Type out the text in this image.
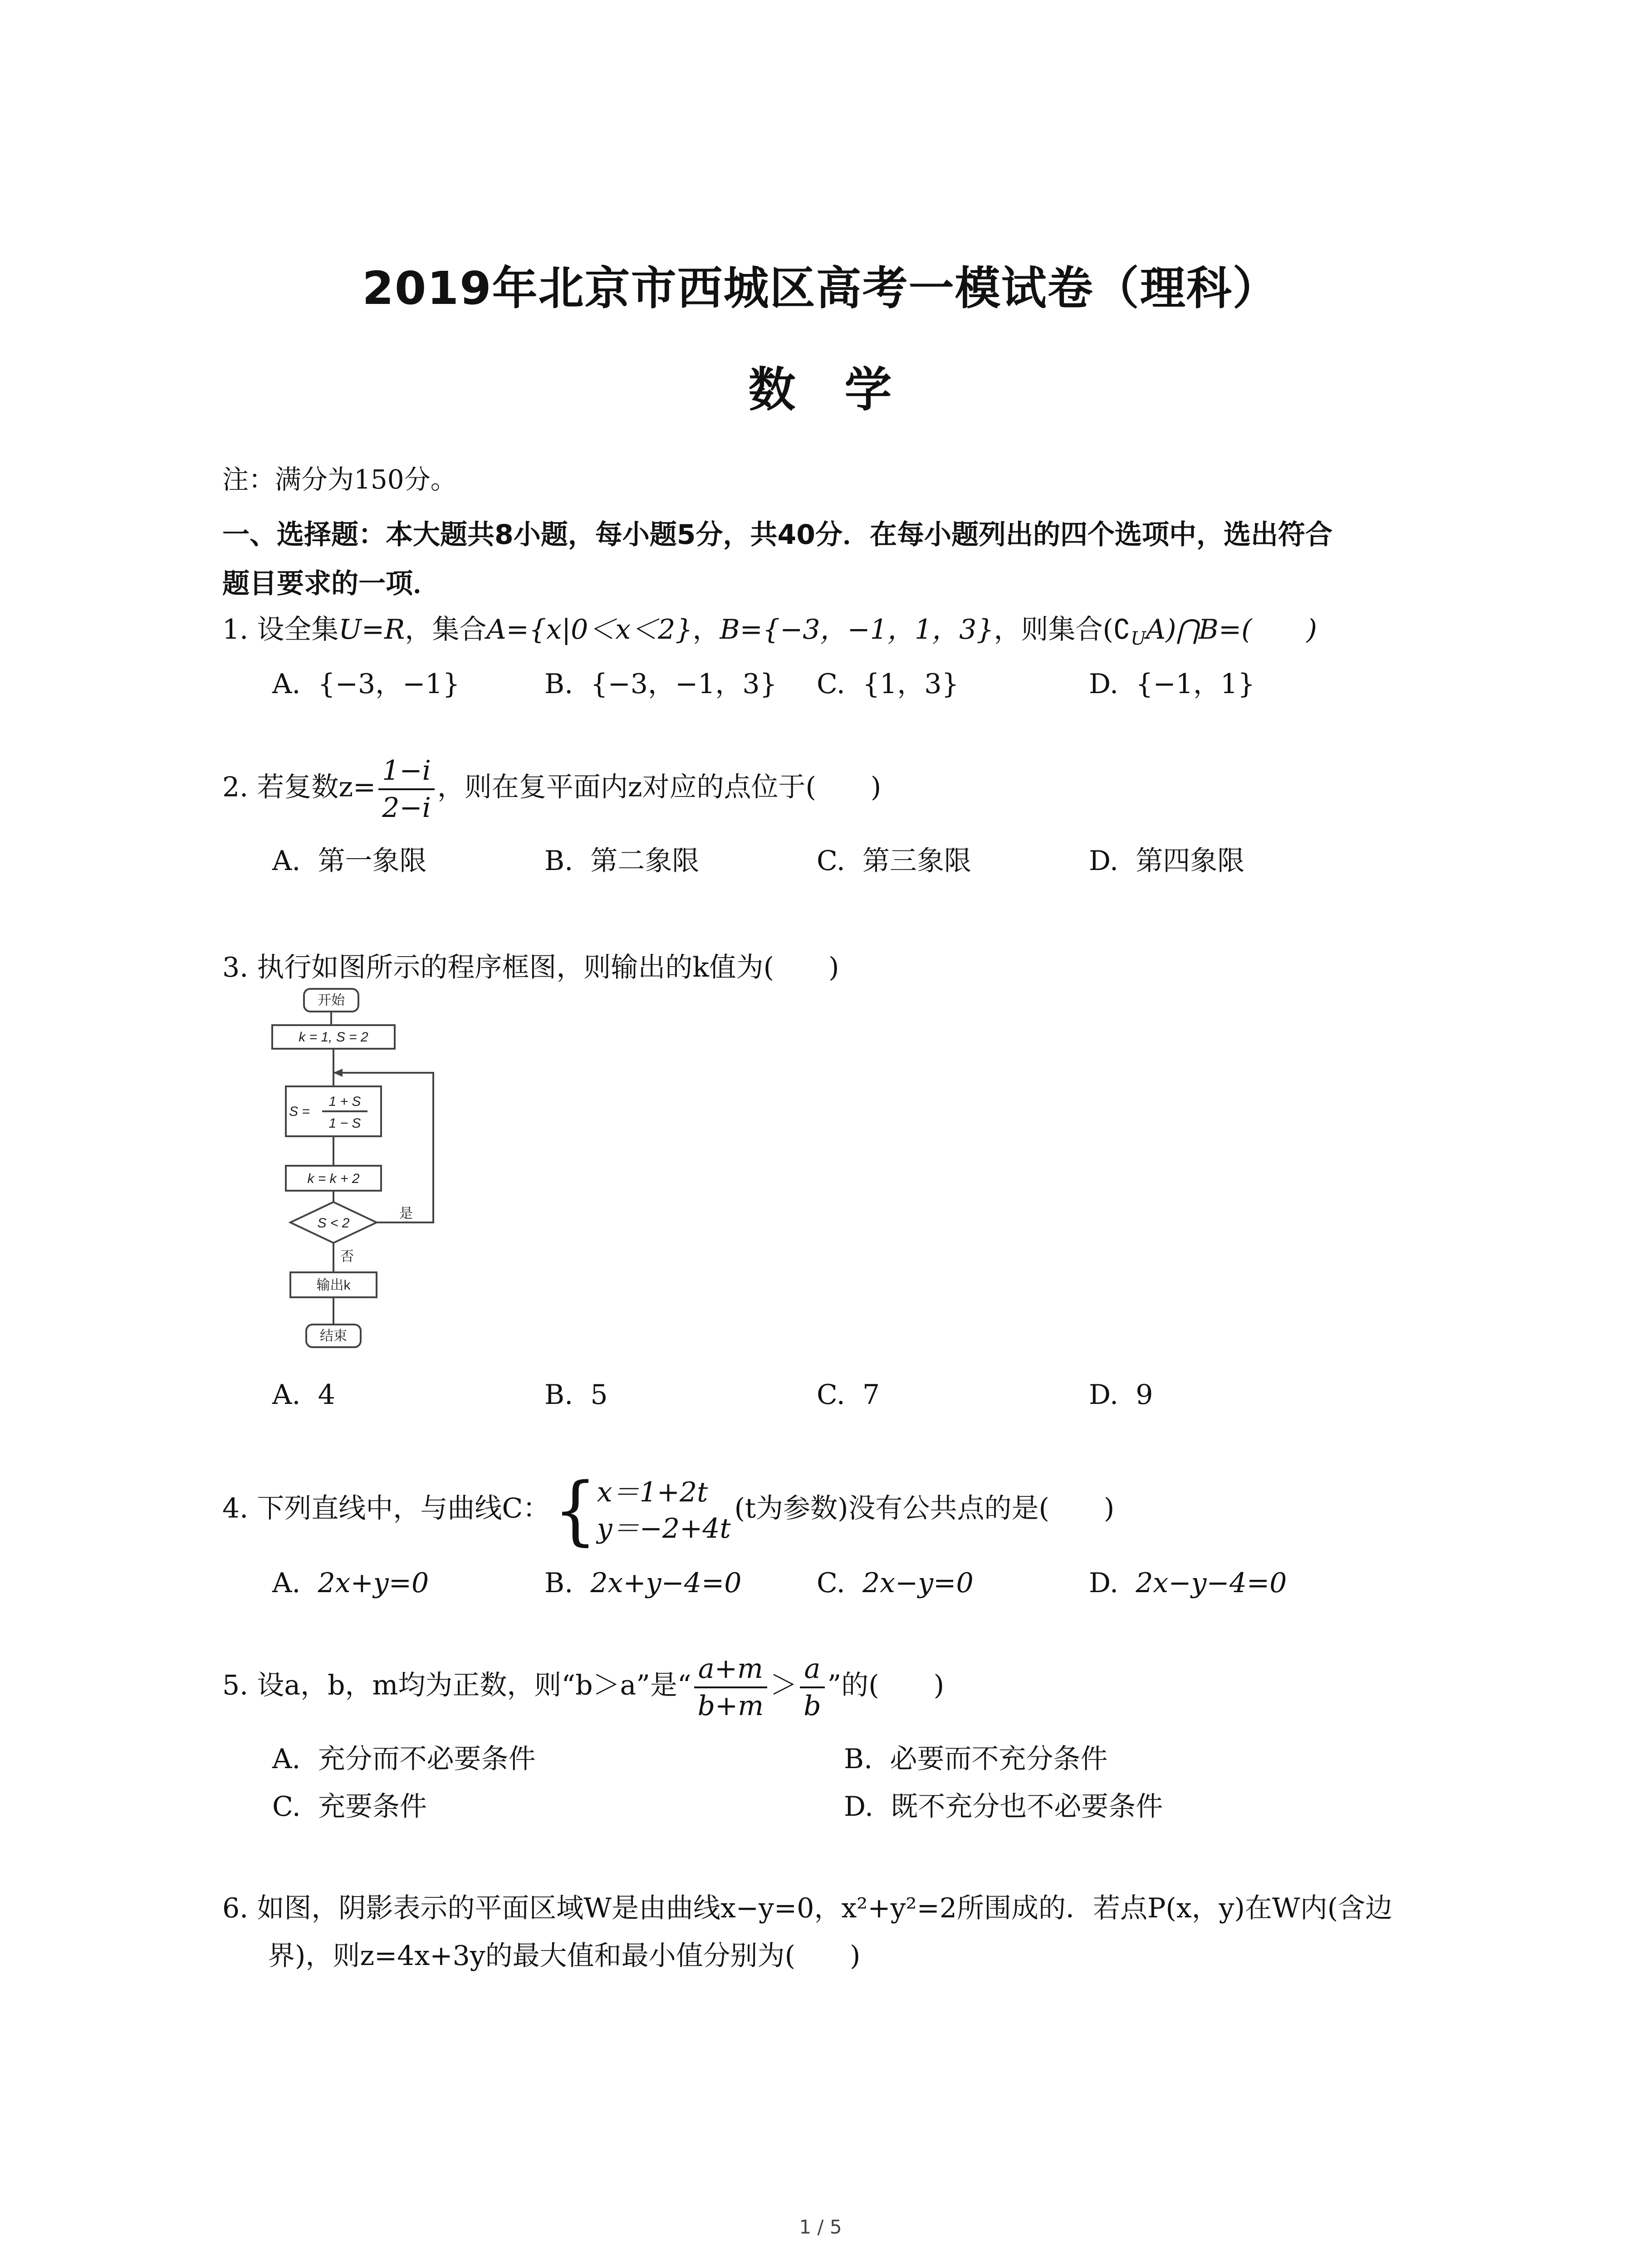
2019年北京市西城区高考一模试卷（理科）
数　学
注：满分为150分。
一、选择题：本大题共8小题，每小题5分，共40分．在每小题列出的四个选项中，选出符合
题目要求的一项．
1. 设全集U=R，集合A={x|0＜x＜2}，B={−3，−1，1，3}，则集合$(∁_UA)⋂B=$(　　)
A. {−3，−1}	B. {−3，−1，3} C. {1，3}	D. {−1，1}
2. 若复数$z= \frac{1-i}{2-i}$ ，则在复平面内z对应的点位于(　　)
A. 第一象限	B. 第二象限	C. 第三象限	D. 第四象限
3. 执行如图所示的程序框图，则输出的k值为(　　)
开始
k = 1, S = 2
S =
1 + S
1 − S
k = k + 2
S < 2
是
否
输出k
结束
A. 4	B. 5	C. 7	D. 9
4. 下列直线中，与曲线C：{ x＝1+2t
y＝−2+4t
(t为参数)没有公共点的是(　　)
A. 2x+y=0	B. 2x+y−4=0	C. 2x−y=0	D. 2x−y−4=0
5. 设a，b，m均为正数，则“b＞a”是“ $\frac{a+m}{b+m} > \frac{a}{b}$ ”的(　　)
A. 充分而不必要条件	B. 必要而不充分条件
C. 充要条件	D. 既不充分也不必要条件
6. 如图，阴影表示的平面区域W是由曲线x−y=0，x²+y²=2所围成的．若点P(x，y)在W内(含边
界)，则z=4x+3y的最大值和最小值分别为(　　)
1 / 5
